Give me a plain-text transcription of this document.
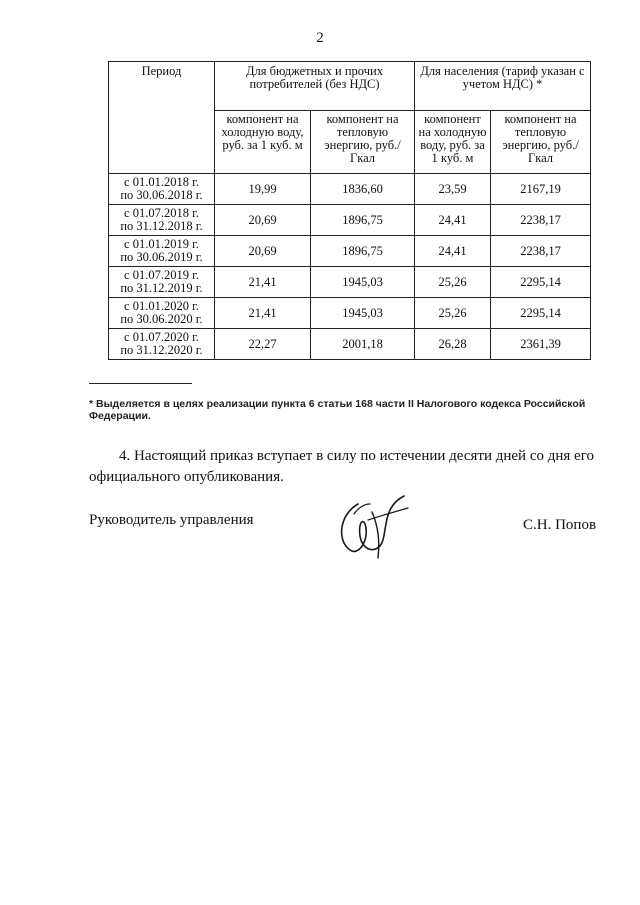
2
Период	Для бюджетных и прочих потребителей (без НДС)		Для населения (тариф указан с учетом НДС) *	
	компонент на холодную воду, руб. за 1 куб. м	компонент на тепловую энергию, руб./Гкал	компонент на холодную воду, руб. за 1 куб. м	компонент на тепловую энергию, руб./Гкал
с 01.01.2018 г.
по 30.06.2018 г.	19,99	1836,60	23,59	2167,19
с 01.07.2018 г.
по 31.12.2018 г.	20,69	1896,75	24,41	2238,17
с 01.01.2019 г.
по 30.06.2019 г.	20,69	1896,75	24,41	2238,17
с 01.07.2019 г.
по 31.12.2019 г.	21,41	1945,03	25,26	2295,14
с 01.01.2020 г.
по 30.06.2020 г.	21,41	1945,03	25,26	2295,14
с 01.07.2020 г.
по 31.12.2020 г.	22,27	2001,18	26,28	2361,39
* Выделяется в целях реализации пункта 6 статьи 168 части II Налогового кодекса Российской Федерации.
4. Настоящий приказ вступает в силу по истечении десяти дней со дня его
официального опубликования.
Руководитель управления	С.Н. Попов
